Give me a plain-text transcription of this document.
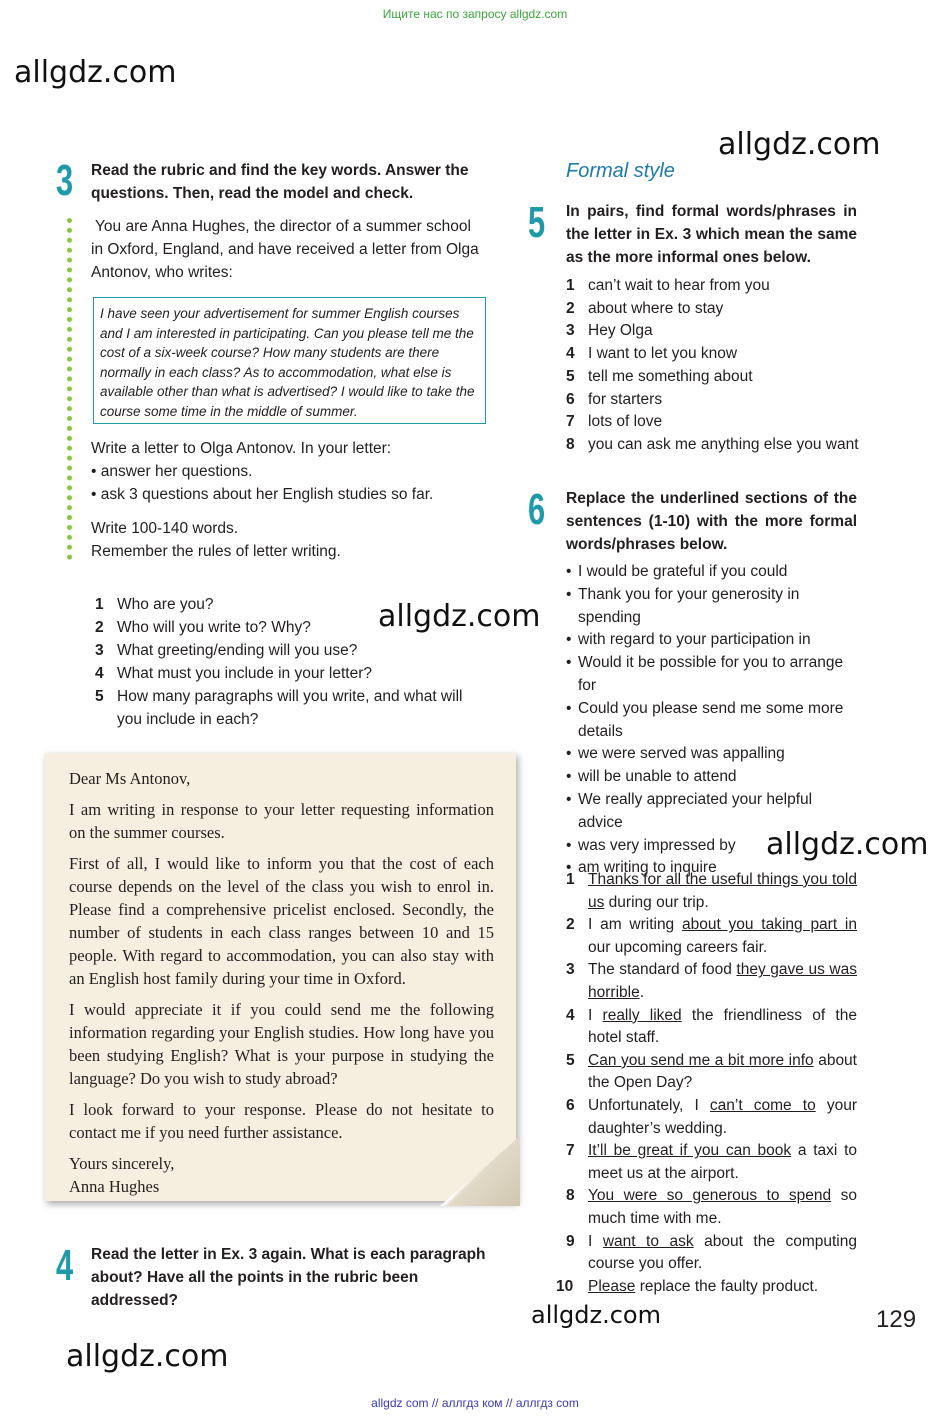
Ищите нас по запросу allgdz.com
allgdz com // аллгдз ком // аллгдз com
allgdz.com
allgdz.com
allgdz.com
allgdz.com
allgdz.com
allgdz.com
3 Read the rubric and find the key words. Answer the questions. Then, read the model and check.
You are Anna Hughes, the director of a summer school in Oxford, England, and have received a letter from Olga Antonov, who writes:
I have seen your advertisement for summer English courses and I am interested in participating. Can you please tell me the cost of a six-week course? How many students are there normally in each class? As to accommodation, what else is available other than what is advertised? I would like to take the course some time in the middle of summer.
Write a letter to Olga Antonov. In your letter:
• answer her questions.
• ask 3 questions about her English studies so far.
Write 100-140 words.
Remember the rules of letter writing.
1 Who are you?
2 Who will you write to? Why?
3 What greeting/ending will you use?
4 What must you include in your letter?
5 How many paragraphs will you write, and what will you include in each?

Dear Ms Antonov,

I am writing in response to your letter requesting information on the summer courses.

First of all, I would like to inform you that the cost of each course depends on the level of the class you wish to enrol in. Please find a comprehensive pricelist enclosed. Secondly, the number of students in each class ranges between 10 and 15 people. With regard to accommodation, you can also stay with an English host family during your time in Oxford.

I would appreciate it if you could send me the following information regarding your English studies. How long have you been studying English? What is your purpose in studying the language? Do you wish to study abroad?

I look forward to your response. Please do not hesitate to contact me if you need further assistance.

Yours sincerely,

Anna Hughes

4 Read the letter in Ex. 3 again. What is each paragraph about? Have all the points in the rubric been addressed?
Formal style
5 In pairs, find formal words/phrases in the letter in Ex. 3 which mean the same as the more informal ones below.
1 can’t wait to hear from you
2 about where to stay
3 Hey Olga
4 I want to let you know
5 tell me something about
6 for starters
7 lots of love
8 you can ask me anything else you want
6 Replace the underlined sections of the sentences (1-10) with the more formal words/phrases below.
• I would be grateful if you could
• Thank you for your generosity in spending
• with regard to your participation in
• Would it be possible for you to arrange for
• Could you please send me some more details
• we were served was appalling
• will be unable to attend
• We really appreciated your helpful advice
• was very impressed by
• am writing to inquire
1 Thanks for all the useful things you told us during our trip.
2 I am writing about you taking part in our upcoming careers fair.
3 The standard of food they gave us was horrible.
4 I really liked the friendliness of the hotel staff.
5 Can you send me a bit more info about the Open Day?
6 Unfortunately, I can’t come to your daughter’s wedding.
7 It’ll be great if you can book a taxi to meet us at the airport.
8 You were so generous to spend so much time with me.
9 I want to ask about the computing course you offer.
10 Please replace the faulty product.
129
